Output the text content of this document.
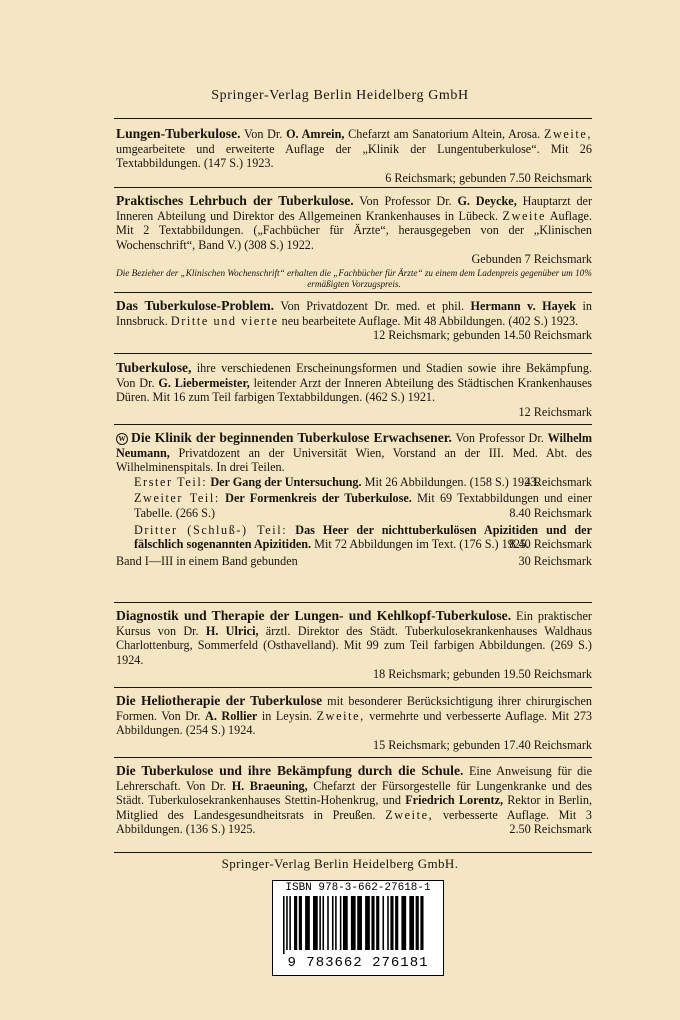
Springer-Verlag Berlin Heidelberg GmbH
Lungen-Tuberkulose. Von Dr. O. Amrein, Chefarzt am Sanatorium Altein, Arosa. Zweite, umgearbeitete und erweiterte Auflage der „Klinik der Lungentuberkulose“. Mit 26 Textabbildungen. (147 S.) 1923.
6 Reichsmark; gebunden 7.50 Reichsmark
Praktisches Lehrbuch der Tuberkulose. Von Professor Dr. G. Deycke, Hauptarzt der Inneren Abteilung und Direktor des Allgemeinen Krankenhauses in Lübeck. Zweite Auflage. Mit 2 Textabbildungen. („Fachbücher für Ärzte“, herausgegeben von der „Klinischen Wochenschrift“, Band V.) (308 S.) 1922.
Gebunden 7 Reichsmark
Die Bezieher der „Klinischen Wochenschrift“ erhalten die „Fachbücher für Ärzte“ zu einem dem Ladenpreis gegenüber um 10% ermäßigten Vorzugspreis.
Das Tuberkulose-Problem. Von Privatdozent Dr. med. et phil. Hermann v. Hayek in Innsbruck. Dritte und vierte neu bearbeitete Auflage. Mit 48 Abbildungen. (402 S.) 1923.
12 Reichsmark; gebunden 14.50 Reichsmark
Tuberkulose, ihre verschiedenen Erscheinungsformen und Stadien sowie ihre Bekämpfung. Von Dr. G. Liebermeister, leitender Arzt der Inneren Abteilung des Städtischen Krankenhauses Düren. Mit 16 zum Teil farbigen Textabbildungen. (462 S.) 1921.
12 Reichsmark
W Die Klinik der beginnenden Tuberkulose Erwachsener. Von Professor Dr. Wilhelm Neumann, Privatdozent an der Universität Wien, Vorstand an der III. Med. Abt. des Wilhelminenspitals. In drei Teilen.
Erster Teil: Der Gang der Untersuchung. Mit 26 Abbildungen. (158 S.) 1923.
4 Reichsmark
Zweiter Teil: Der Formenkreis der Tuberkulose. Mit 69 Textabbildungen und einer Tabelle. (266 S.)	8.40 Reichsmark
Dritter (Schluß-) Teil: Das Heer der nichttuberkulösen Apizitiden und der fälschlich sogenannten Apizitiden. Mit 72 Abbildungen im Text. (176 S.) 1925.
8.40 Reichsmark
Band I—III in einem Band gebunden	30 Reichsmark
Diagnostik und Therapie der Lungen- und Kehlkopf-Tuberkulose. Ein praktischer Kursus von Dr. H. Ulrici, ärztl. Direktor des Städt. Tuberkulosekrankenhauses Waldhaus Charlottenburg, Sommerfeld (Osthavelland). Mit 99 zum Teil farbigen Abbildungen. (269 S.) 1924.
18 Reichsmark; gebunden 19.50 Reichsmark
Die Heliotherapie der Tuberkulose mit besonderer Berücksichtigung ihrer chirurgischen Formen. Von Dr. A. Rollier in Leysin. Zweite, vermehrte und verbesserte Auflage. Mit 273 Abbildungen. (254 S.) 1924.
15 Reichsmark; gebunden 17.40 Reichsmark
Die Tuberkulose und ihre Bekämpfung durch die Schule. Eine Anweisung für die Lehrerschaft. Von Dr. H. Braeuning, Chefarzt der Fürsorgestelle für Lungenkranke und des Städt. Tuberkulosekrankenhauses Stettin-Hohenkrug, und Friedrich Lorentz, Rektor in Berlin, Mitglied des Landesgesundheitsrats in Preußen. Zweite, verbesserte Auflage. Mit 3 Abbildungen. (136 S.) 1925.	2.50 Reichsmark
Springer-Verlag Berlin Heidelberg GmbH.
ISBN 978-3-662-27618-1
9 783662 276181
